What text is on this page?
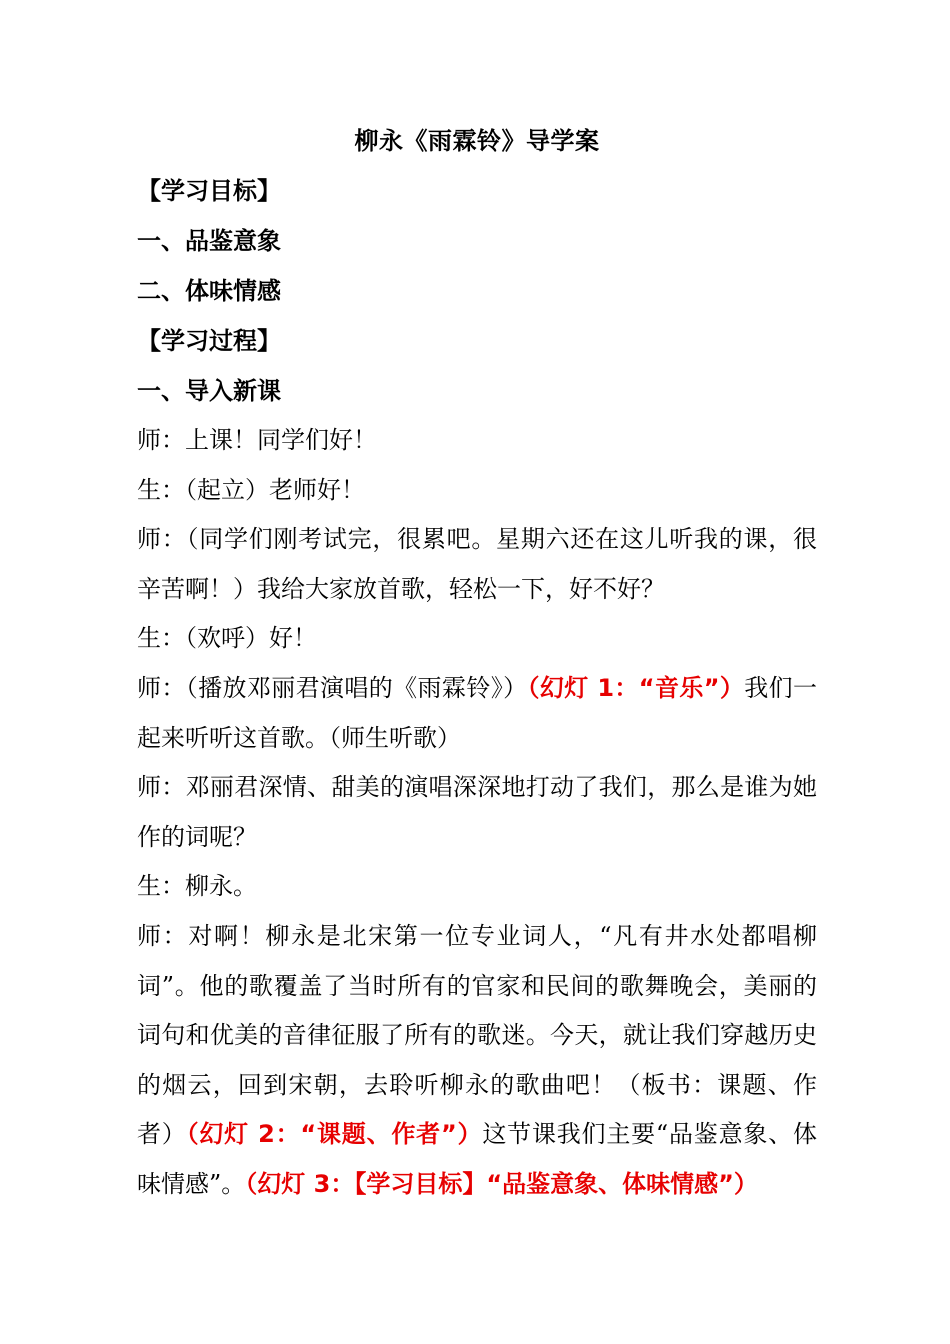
柳永《雨霖铃》导学案
【学习目标】
一、品鉴意象
二、体味情感
【学习过程】
一、导入新课

师：上课！同学们好！

生：（起立）老师好！

师：（同学们刚考试完，很累吧。星期六还在这儿听我的课，很辛苦啊！）我给大家放首歌，轻松一下，好不好？

生：（欢呼）好！

师：（播放邓丽君演唱的《雨霖铃》）（幻灯 1：“音乐”）我们一起来听听这首歌。（师生听歌）

师：邓丽君深情、甜美的演唱深深地打动了我们，那么是谁为她作的词呢？

生：柳永。

师：对啊！柳永是北宋第一位专业词人，“凡有井水处都唱柳词”。他的歌覆盖了当时所有的官家和民间的歌舞晚会，美丽的词句和优美的音律征服了所有的歌迷。今天，就让我们穿越历史的烟云，回到宋朝，去聆听柳永的歌曲吧！（板书：课题、作者）（幻灯 2：“课题、作者”）这节课我们主要“品鉴意象、体味情感”。（幻灯 3：【学习目标】“品鉴意象、体味情感”）
